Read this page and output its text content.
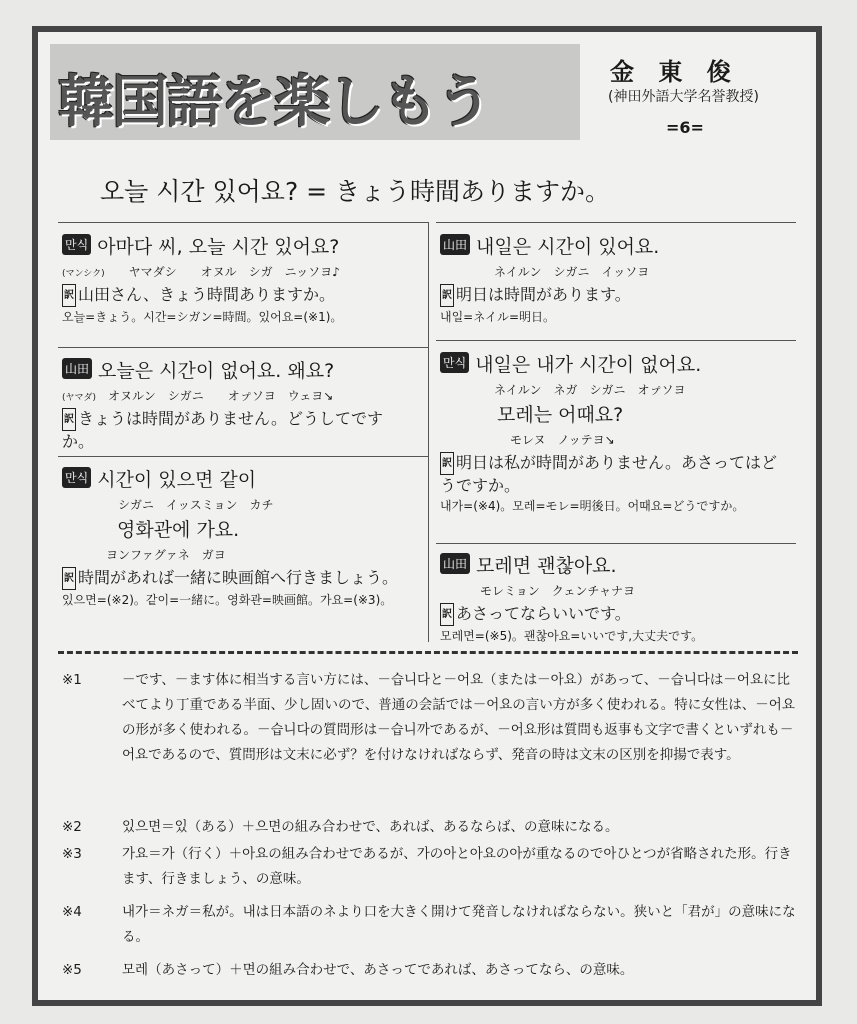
韓国語を楽しもう	金 東 俊
(神田外語大学名誉教授)
=6=
오늘 시간 있어요? = きょう時間ありますか。
만식 아마다 씨, 오늘 시간 있어요?
(マンシク)　　 ヤマダシ　　オヌル　シガ　ニッソヨ♪
訳 山田さん、きょう時間ありますか。
오늘=きょう。시간=シガン=時間。있어요=(※1)。
山田 오늘은 시간이 없어요. 왜요?
(ヤマダ)　 オヌルン　シガニ　　オㇷ゚ソヨ　ウェヨ↘
訳 きょうは時間がありません。どうしてですか。
만식 시간이 있으면 같이
シガニ　イッスミョン　カチ
영화관에 가요.
ヨンファグァネ　ガヨ
訳 時間があれば一緒に映画館へ行きましょう。
있으면=(※2)。같이=一緒に。영화관=映画館。가요=(※3)。
山田 내일은 시간이 있어요.
ネイルン　シガニ　イッソヨ
訳 明日は時間があります。
내일=ネイル=明日。
만식 내일은 내가 시간이 없어요.
ネイルン　ネガ　シガニ　オㇷ゚ソヨ
모레는 어때요?
モレヌ　ノッテヨ↘
訳 明日は私が時間がありません。あさってはどうですか。
내가=(※4)。모레=モレ=明後日。어때요=どうですか。
山田 모레면 괜찮아요.
モレミョン　クェンチャナヨ
訳 あさってならいいです。
모레면=(※5)。괜찮아요=いいです,大丈夫です。
※1	－です、－ます体に相当する言い方には、－습니다と－어요（または－아요）があって、－습니다は－어요に比べてより丁重である半面、少し固いので、普通の会話では－어요の言い方が多く使われる。特に女性は、－어요の形が多く使われる。－습니다の質問形は－습니까であるが、－어요形は質問も返事も文字で書くといずれも－어요であるので、質問形は文末に必ず？を付けなければならず、発音の時は文末の区別を抑揚で表す。
※2	있으면＝있（ある）＋으면の組み合わせで、あれば、あるならば、の意味になる。
※3	가요＝가（行く）＋아요の組み合わせであるが、가の아と아요の아が重なるので아ひとつが省略された形。行きます、行きましょう、の意味。
※4	내가＝ネガ＝私が。내は日本語のネより口を大きく開けて発音しなければならない。狭いと「君が」の意味になる。
※5	모레（あさって）＋면の組み合わせで、あさってであれば、あさってなら、の意味。
